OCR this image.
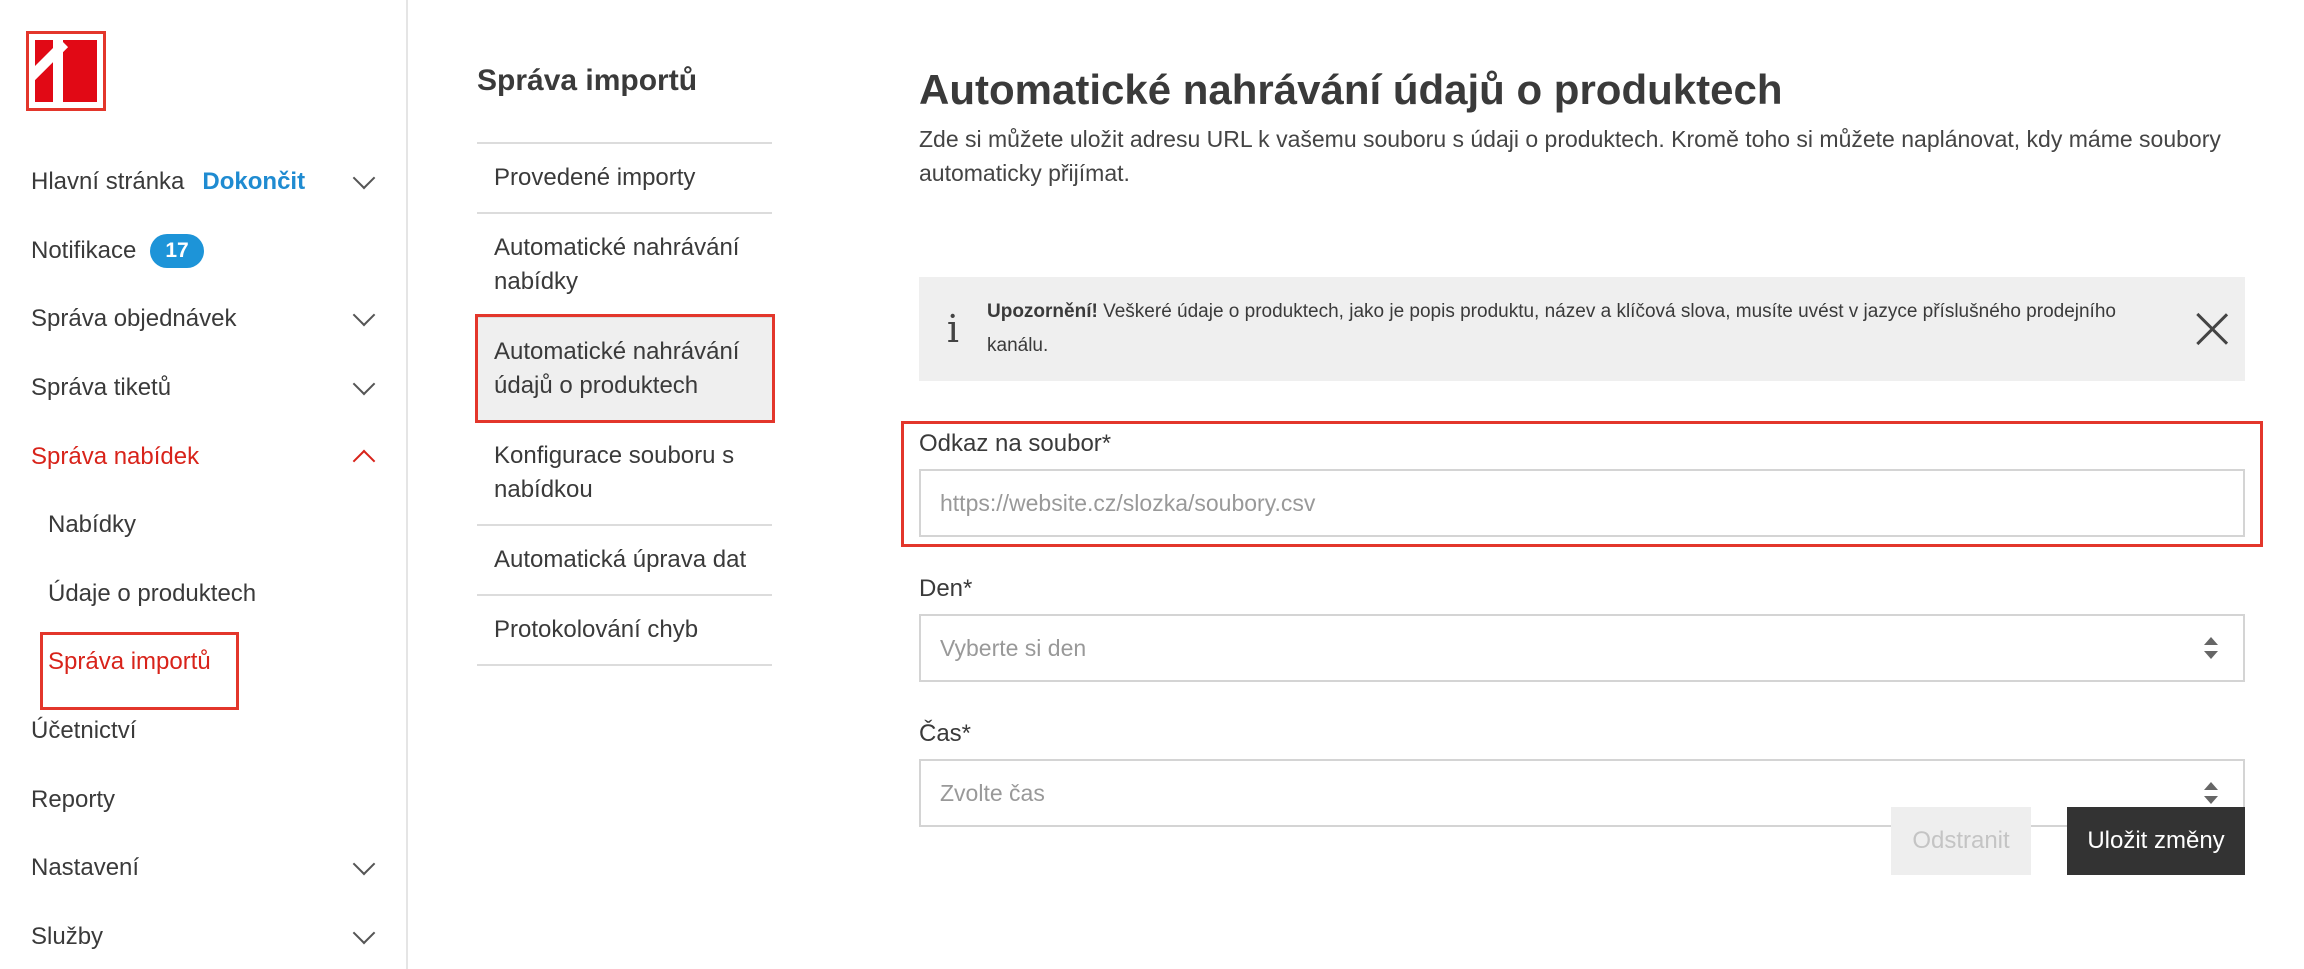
Hlavní stránka Dokončit
Notifikace	17
Správa objednávek
Správa tiketů
Správa nabídek
Nabídky
Údaje o produktech
Správa importů
Účetnictví
Reporty
Nastavení
Služby
Správa importů
Provedené importy
Automatické nahrávání nabídky
Automatické nahrávání údajů o produktech
Konfigurace souboru s nabídkou
Automatická úprava dat
Protokolování chyb
Automatické nahrávání údajů o produktech

Zde si můžete uložit adresu URL k vašemu souboru s údaji o produktech. Kromě toho si můžete naplánovat, kdy máme soubory automaticky přijímat.

i	Upozornění! Veškeré údaje o produktech, jako je popis produktu, název a klíčová slova, musíte uvést v jazyce příslušného prodejního kanálu.
Odkaz na soubor*
https://website.cz/slozka/soubory.csv
Den*
Vyberte si den
Čas*
Zvolte čas
Odstranit	Uložit změny
